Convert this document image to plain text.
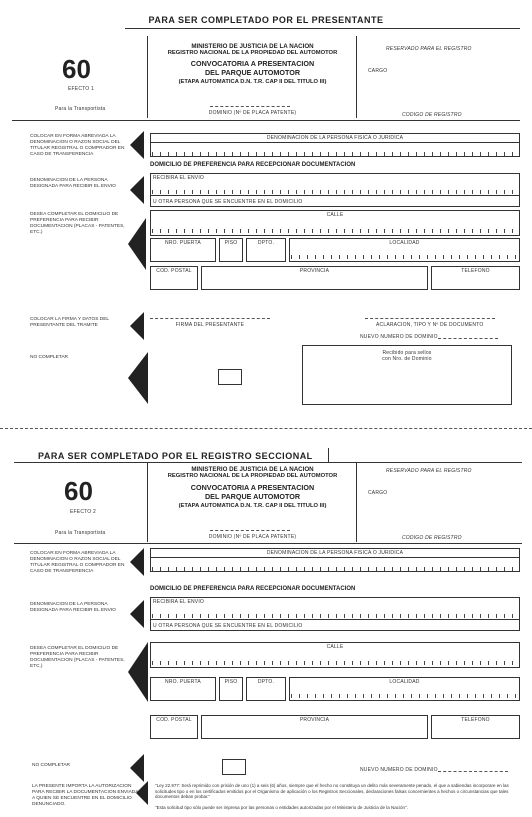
PARA SER COMPLETADO POR EL PRESENTANTE
60
EFECTO 1
Para la Transportista
MINISTERIO DE JUSTICIA DE LA NACION
REGISTRO NACIONAL DE LA PROPIEDAD DEL AUTOMOTOR
CONVOCATORIA A PRESENTACION
DEL PARQUE AUTOMOTOR
(ETAPA AUTOMATICA D.N. T.R. CAP II DEL TITULO III)
DOMINIO (Nº DE PLACA PATENTE)
RESERVADO PARA EL REGISTRO
CARGO
CODIGO DE REGISTRO
COLOCAR EN FORMA ABREVIADA LA DENOMINACION O RAZON SOCIAL DEL TITULAR REGISTRAL O COMPRADOR EN CASO DE TRANSFERENCIA
DENOMINACION DE LA PERSONA FISICA O JURIDICA
DOMICILIO DE PREFERENCIA PARA RECEPCIONAR DOCUMENTACION
DENOMINACION DE LA PERSONA DESIGNADA PARA RECIBIR EL ENVIO
RECIBIRA EL ENVIO
U OTRA PERSONA QUE SE ENCUENTRE EN EL DOMICILIO
DESEA COMPLETAR EL DOMICILIO DE PREFERENCIA PARA RECIBIR DOCUMENTACION (PLACAS - PATENTES, ETC.)
CALLE
NRO. PUERTA	PISO	DPTO.	LOCALIDAD
COD. POSTAL	PROVINCIA	TELEFONO
COLOCAR LA FIRMA Y DATOS DEL PRESENTANTE DEL TRAMITE	FIRMA DEL PRESENTANTE	ACLARACION, TIPO Y Nº DE DOCUMENTO
NUEVO NUMERO DE DOMINIO
NO COMPLETAR
Recibido para sellos
con Nro. de Dominio
PARA SER COMPLETADO POR EL REGISTRO SECCIONAL
60
EFECTO 2
Para la Transportista
MINISTERIO DE JUSTICIA DE LA NACION
REGISTRO NACIONAL DE LA PROPIEDAD DEL AUTOMOTOR
CONVOCATORIA A PRESENTACION
DEL PARQUE AUTOMOTOR
(ETAPA AUTOMATICA D.N. T.R. CAP II DEL TITULO III)
DOMINIO (Nº DE PLACA PATENTE)
RESERVADO PARA EL REGISTRO
CARGO
CODIGO DE REGISTRO
COLOCAR EN FORMA ABREVIADA LA DENOMINACION O RAZON SOCIAL DEL TITULAR REGISTRAL O COMPRADOR EN CASO DE TRANSFERENCIA
DENOMINACION DE LA PERSONA FISICA O JURIDICA
DOMICILIO DE PREFERENCIA PARA RECEPCIONAR DOCUMENTACION
DENOMINACION DE LA PERSONA DESIGNADA PARA RECIBIR EL ENVIO
RECIBIRA EL ENVIO
U OTRA PERSONA QUE SE ENCUENTRE EN EL DOMICILIO
DESEA COMPLETAR EL DOMICILIO DE PREFERENCIA PARA RECIBIR DOCUMENTACION (PLACAS - PATENTES, ETC.)
CALLE
NRO. PUERTA	PISO	DPTO.	LOCALIDAD
COD. POSTAL	PROVINCIA	TELEFONO
NO COMPLETAR
NUEVO NUMERO DE DOMINIO
LA PRESENTE IMPORTA LA AUTORIZACION PARA RECIBIR LA DOCUMENTACION ENVIADA A QUIEN SE ENCUENTRE EN EL DOMICILIO DENUNCIADO.
"Ley 22.977: Será reprimido con prisión de uno (1) a seis (6) años, siempre que el hecho no constituya un delito más severamente penado, el que a sabiendas incorporare en las solicitudes tipo o en los certificados emitidos por el Organismo de aplicación o los Registros Seccionales, declaraciones falsas concernientes a hechos o circunstancias que tales documentos deban probar."
"Esta solicitud tipo sólo puede ser impresa por las personas o entidades autorizadas por el Ministerio de Justicia de la Nación".
